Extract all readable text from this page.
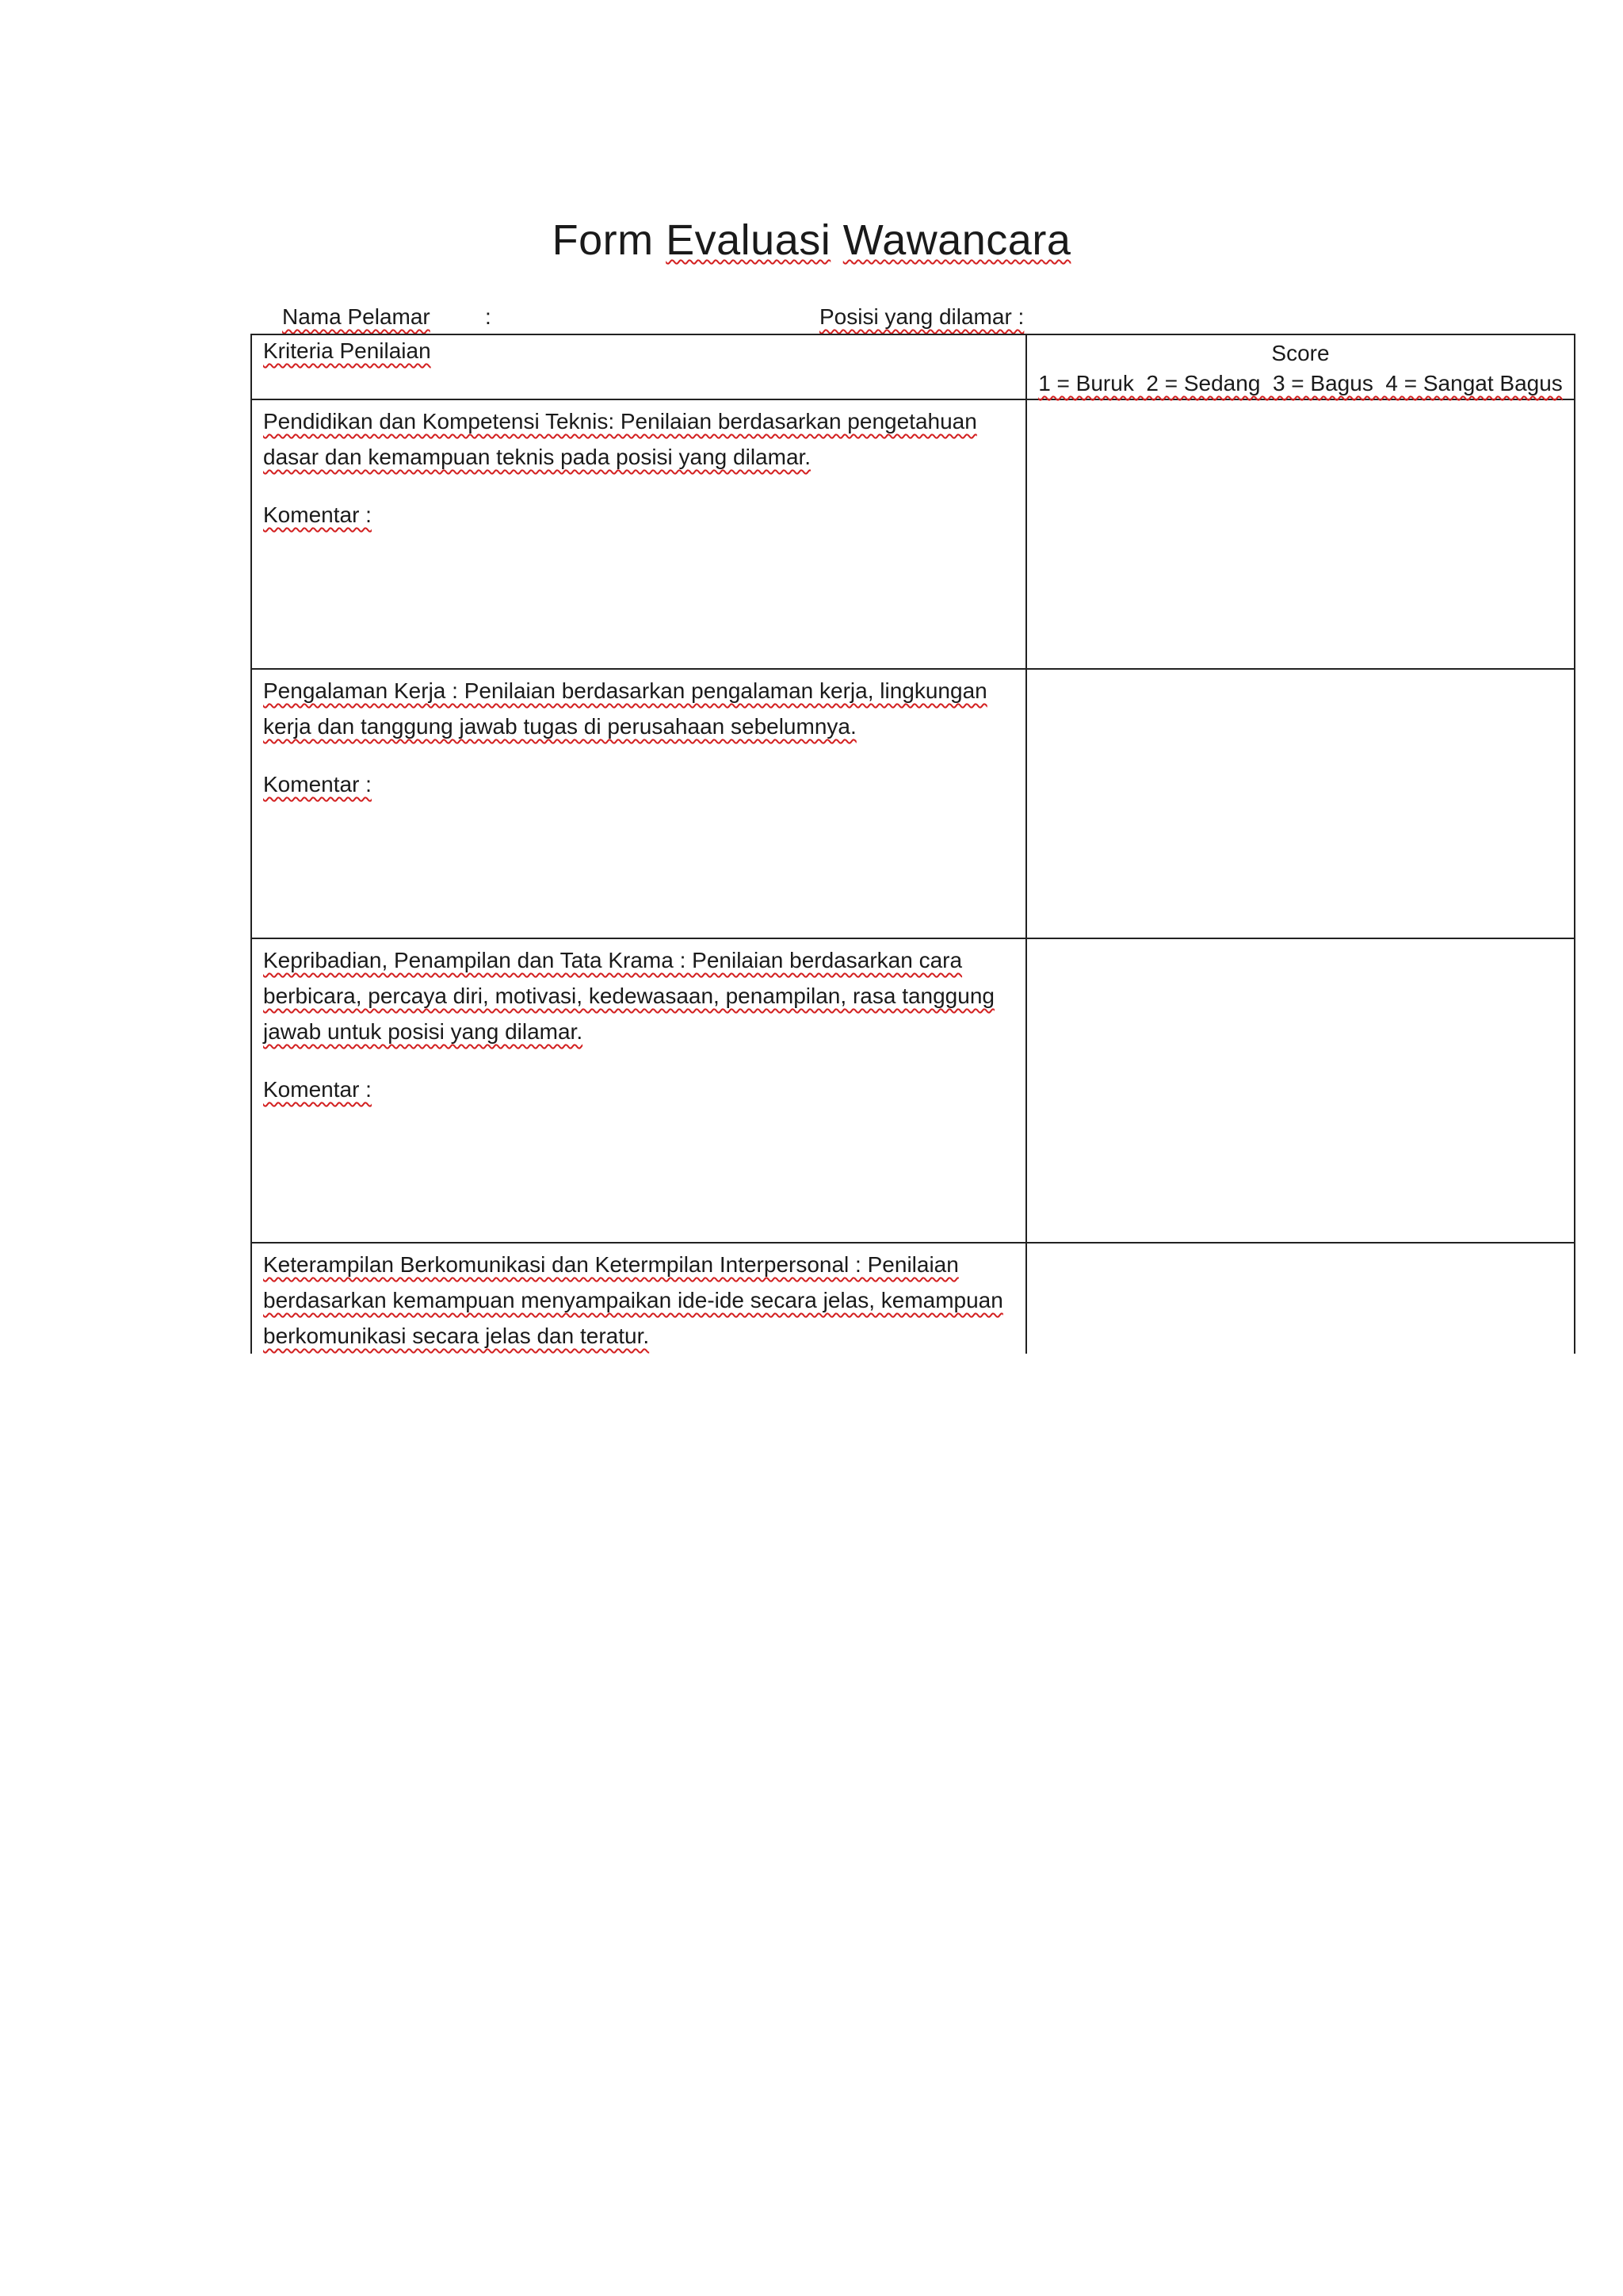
Form Evaluasi Wawancara
Nama Pelamar :	Posisi yang dilamar :
Kriteria Penilaian	Score
1 = Buruk  2 = Sedang  3 = Bagus  4 = Sangat Bagus

Pendidikan dan Kompetensi Teknis: Penilaian berdasarkan pengetahuan dasar dan kemampuan teknis pada posisi yang dilamar.
Komentar :	

Pengalaman Kerja : Penilaian berdasarkan pengalaman kerja, lingkungan kerja dan tanggung jawab tugas di perusahaan sebelumnya.
Komentar :	

Kepribadian, Penampilan dan Tata Krama : Penilaian berdasarkan cara berbicara, percaya diri, motivasi, kedewasaan, penampilan, rasa tanggung jawab untuk posisi yang dilamar.
Komentar :	

Keterampilan Berkomunikasi dan Ketermpilan Interpersonal : Penilaian berdasarkan kemampuan menyampaikan ide-ide secara jelas, kemampuan berkomunikasi secara jelas dan teratur.	
